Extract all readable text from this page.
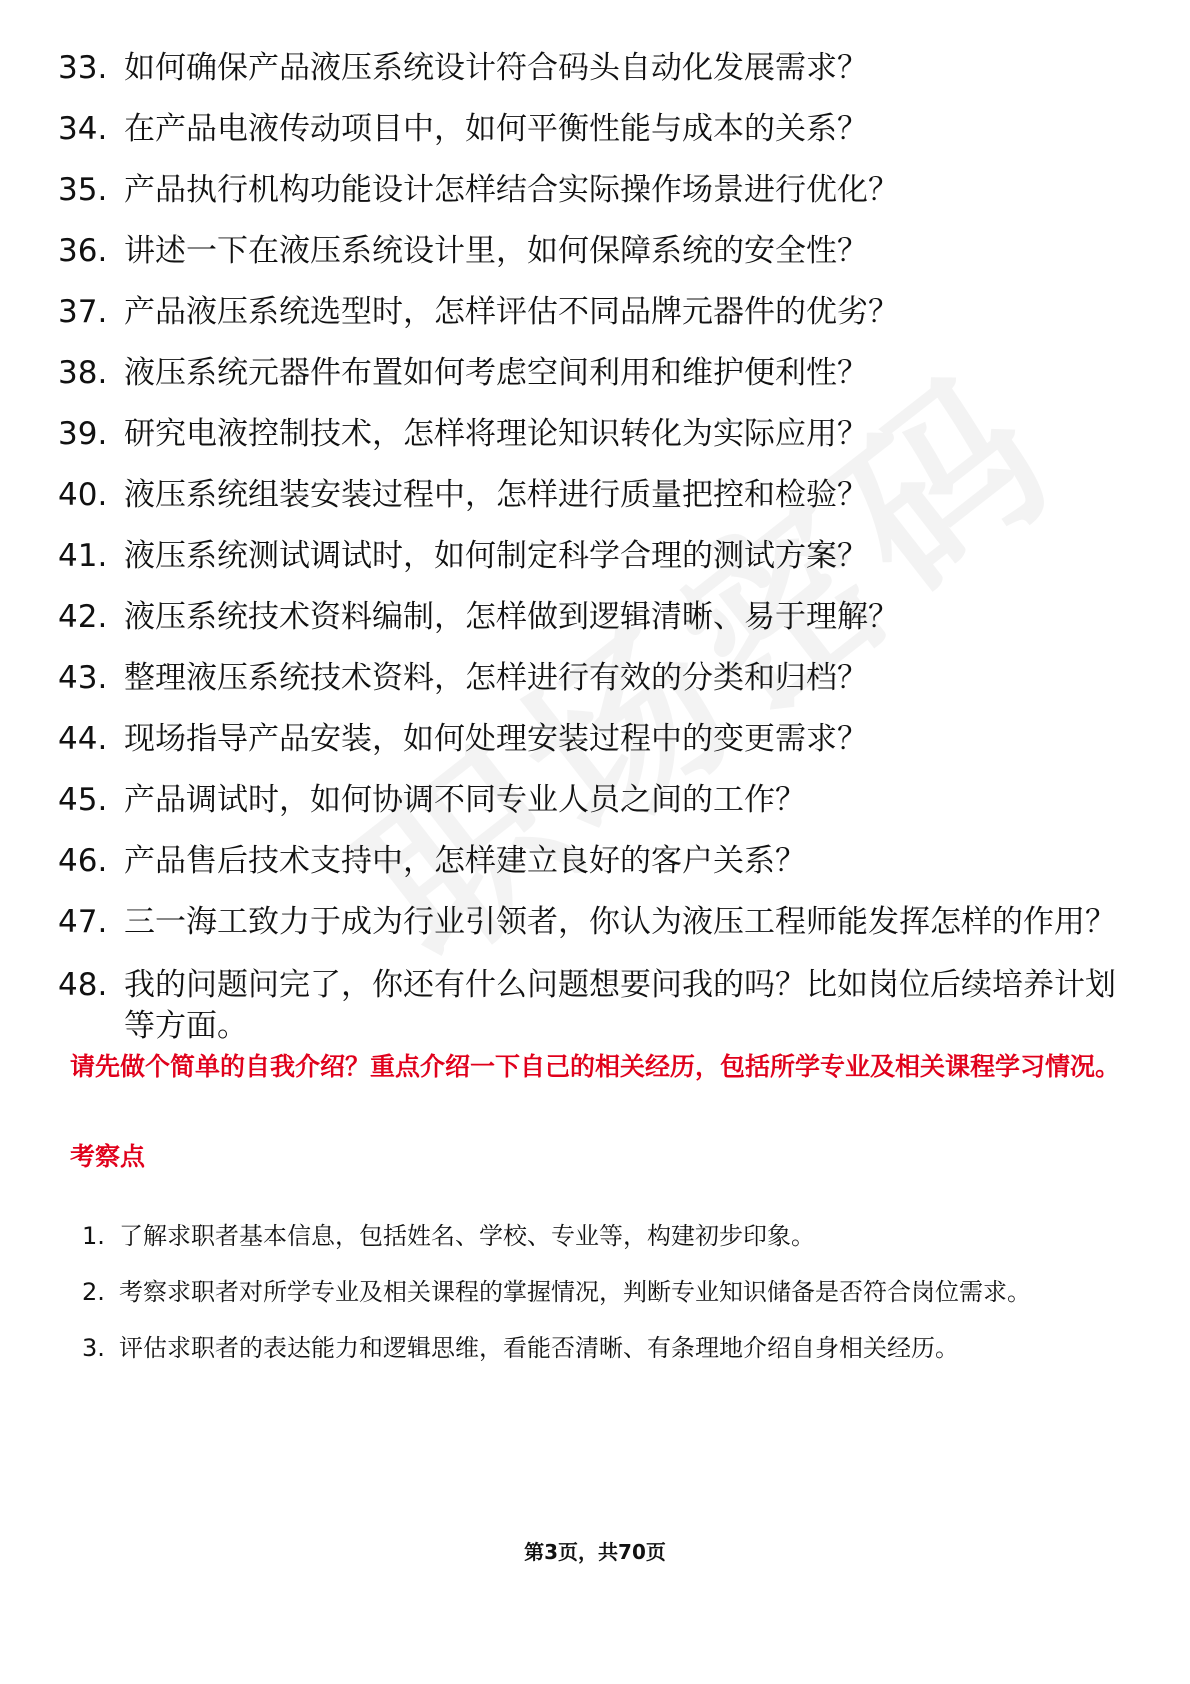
33. 如何确保产品液压系统设计符合码头自动化发展需求？
34. 在产品电液传动项目中，如何平衡性能与成本的关系？
35. 产品执行机构功能设计怎样结合实际操作场景进行优化？
36. 讲述一下在液压系统设计里，如何保障系统的安全性？
37. 产品液压系统选型时，怎样评估不同品牌元器件的优劣？
38. 液压系统元器件布置如何考虑空间利用和维护便利性？
39. 研究电液控制技术，怎样将理论知识转化为实际应用？
40. 液压系统组装安装过程中，怎样进行质量把控和检验？
41. 液压系统测试调试时，如何制定科学合理的测试方案？
42. 液压系统技术资料编制，怎样做到逻辑清晰、易于理解？
43. 整理液压系统技术资料，怎样进行有效的分类和归档？
44. 现场指导产品安装，如何处理安装过程中的变更需求？
45. 产品调试时，如何协调不同专业人员之间的工作？
46. 产品售后技术支持中，怎样建立良好的客户关系？
47. 三一海工致力于成为行业引领者，你认为液压工程师能发挥怎样的作用？
48. 我的问题问完了，你还有什么问题想要问我的吗？比如岗位后续培养计划等方面。
请先做个简单的自我介绍？重点介绍一下自己的相关经历，包括所学专业及相关课程学习情况。
考察点
1. 了解求职者基本信息，包括姓名、学校、专业等，构建初步印象。
2. 考察求职者对所学专业及相关课程的掌握情况，判断专业知识储备是否符合岗位需求。
3. 评估求职者的表达能力和逻辑思维，看能否清晰、有条理地介绍自身相关经历。
第3页，共70页
